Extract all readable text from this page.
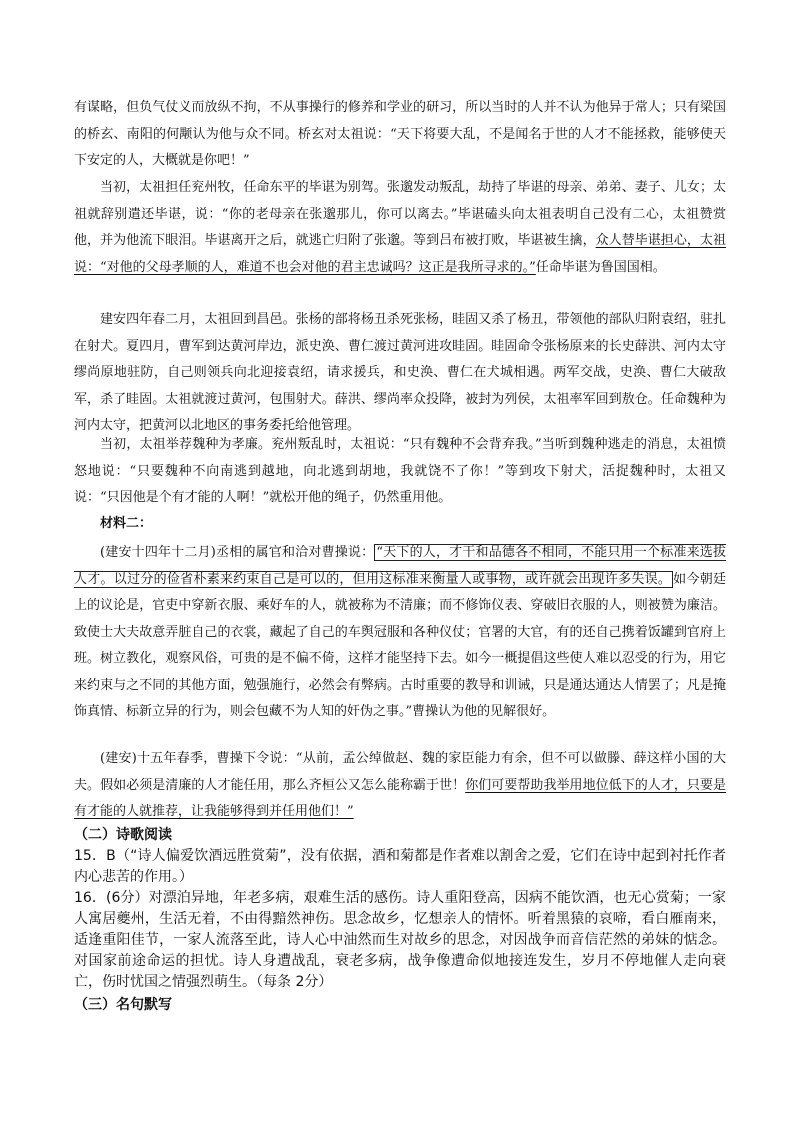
有谋略，但负气仗义而放纵不拘，不从事操行的修养和学业的研习，所以当时的人并不认为他异于常人；只有梁国的桥玄、南阳的何颙认为他与众不同。桥玄对太祖说：“天下将要大乱，不是闻名于世的人才不能拯救，能够使天下安定的人，大概就是你吧！”
当初，太祖担任兖州牧，任命东平的毕谌为别驾。张邈发动叛乱，劫持了毕谌的母亲、弟弟、妻子、儿女；太祖就辞别遣还毕谌，说：“你的老母亲在张邈那儿，你可以离去。”毕谌磕头向太祖表明自己没有二心，太祖赞赏他，并为他流下眼泪。毕谌离开之后，就逃亡归附了张邈。等到吕布被打败，毕谌被生擒，众人替毕谌担心，太祖说：“对他的父母孝顺的人，难道不也会对他的君主忠诚吗？这正是我所寻求的。”任命毕谌为鲁国国相。
建安四年春二月，太祖回到昌邑。张杨的部将杨丑杀死张杨，眭固又杀了杨丑，带领他的部队归附袁绍，驻扎在射犬。夏四月，曹军到达黄河岸边，派史涣、曹仁渡过黄河进攻眭固。眭固命令张杨原来的长史薛洪、河内太守缪尚原地驻防，自己则领兵向北迎接袁绍，请求援兵，和史涣、曹仁在犬城相遇。两军交战，史涣、曹仁大破敌军，杀了眭固。太祖就渡过黄河，包围射犬。薛洪、缪尚率众投降，被封为列侯，太祖率军回到敖仓。任命魏种为河内太守，把黄河以北地区的事务委托给他管理。
当初，太祖举荐魏种为孝廉。兖州叛乱时，太祖说：“只有魏种不会背弃我。”当听到魏种逃走的消息，太祖愤怒地说：“只要魏种不向南逃到越地，向北逃到胡地，我就饶不了你！”等到攻下射犬，活捉魏种时，太祖又说：“只因他是个有才能的人啊！”就松开他的绳子，仍然重用他。
材料二：
(建安十四年十二月)丞相的属官和洽对曹操说： “天下的人，才干和品德各不相同，不能只用一个标准来选拔人才。以过分的俭省朴素来约束自己是可以的，但用这标准来衡量人或事物，或许就会出现许多失误。 如今朝廷上的议论是，官吏中穿新衣服、乘好车的人，就被称为不清廉；而不修饰仪表、穿破旧衣服的人，则被赞为廉洁。致使士大夫故意弄脏自己的衣裳，藏起了自己的车舆冠服和各种仪仗；官署的大官，有的还自己携着饭罐到官府上班。树立教化，观察风俗，可贵的是不偏不倚，这样才能坚持下去。如今一概提倡这些使人难以忍受的行为，用它来约束与之不同的其他方面，勉强施行，必然会有弊病。古时重要的教导和训诫，只是通达通达人情罢了；凡是掩饰真情、标新立异的行为，则会包藏不为人知的奸伪之事。”曹操认为他的见解很好。
(建安)十五年春季，曹操下令说：“从前，孟公绰做赵、魏的家臣能力有余，但不可以做滕、薛这样小国的大夫。假如必须是清廉的人才能任用，那么齐桓公又怎么能称霸于世！你们可要帮助我举用地位低下的人才，只要是有才能的人就推荐，让我能够得到并任用他们！”
（二）诗歌阅读
15．B（“诗人偏爱饮酒远胜赏菊”，没有依据，酒和菊都是作者难以割舍之爱，它们在诗中起到衬托作者内心悲苦的作用。）
16．(6分）对漂泊异地，年老多病，艰难生活的感伤。诗人重阳登高，因病不能饮酒，也无心赏菊；一家人寓居夔州，生活无着，不由得黯然神伤。思念故乡，忆想亲人的情怀。听着黑猿的哀啼，看白雁南来，适逢重阳佳节，一家人流落至此，诗人心中油然而生对故乡的思念，对因战争而音信茫然的弟妹的惦念。对国家前途命运的担忧。诗人身遭战乱，衰老多病，战争像遭命似地接连发生，岁月不停地催人走向衰亡，伤时忧国之情强烈萌生。（每条 2分）
（三）名句默写
